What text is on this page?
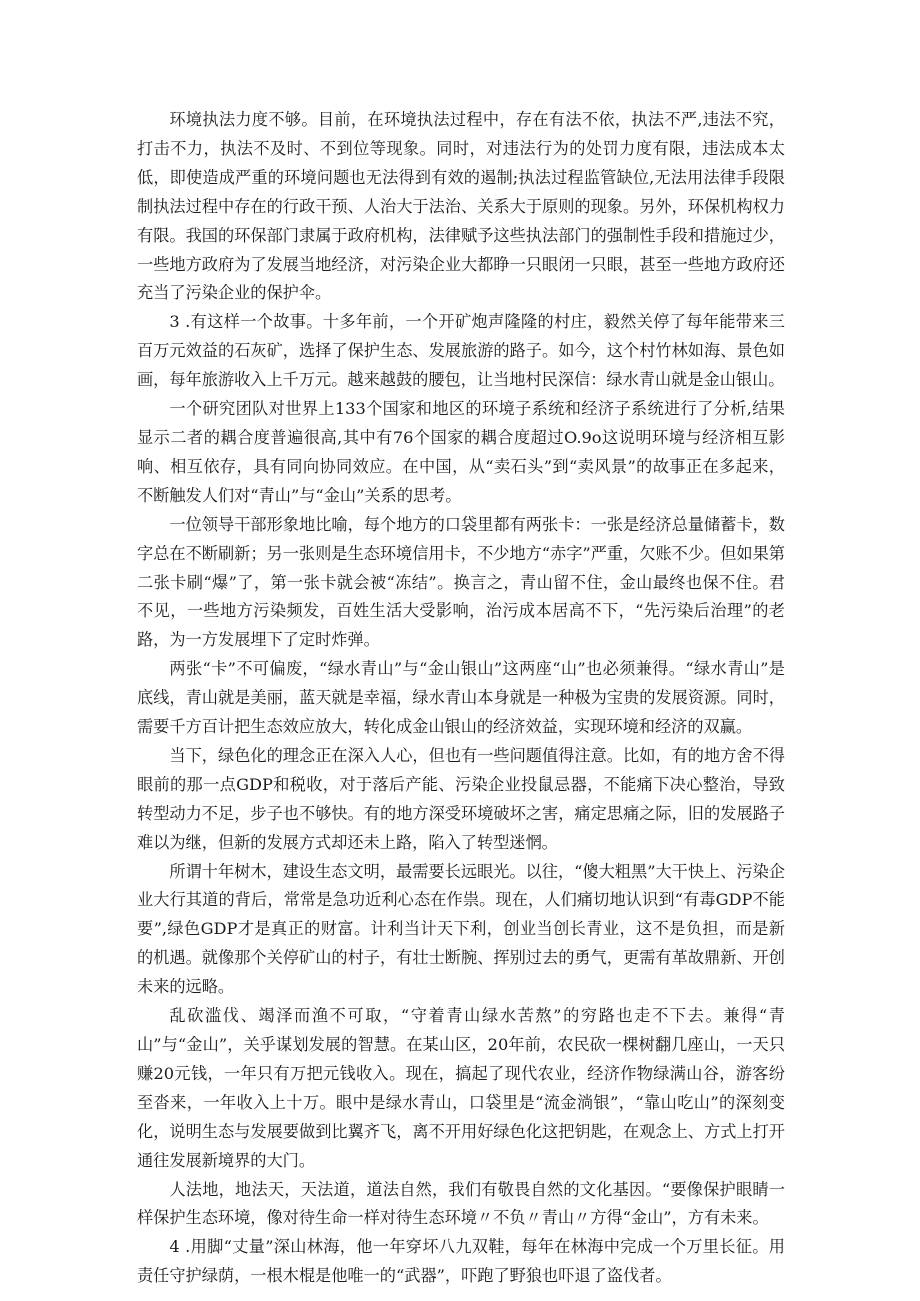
环境执法力度不够。目前，在环境执法过程中，存在有法不依，执法不严,违法不究，打击不力，执法不及时、不到位等现象。同时，对违法行为的处罚力度有限，违法成本太低，即使造成严重的环境问题也无法得到有效的遏制;执法过程监管缺位,无法用法律手段限制执法过程中存在的行政干预、人治大于法治、关系大于原则的现象。另外，环保机构权力有限。我国的环保部门隶属于政府机构，法律赋予这些执法部门的强制性手段和措施过少，一些地方政府为了发展当地经济，对污染企业大都睁一只眼闭一只眼，甚至一些地方政府还充当了污染企业的保护伞。

3 .有这样一个故事。十多年前，一个开矿炮声隆隆的村庄，毅然关停了每年能带来三百万元效益的石灰矿，选择了保护生态、发展旅游的路子。如今，这个村竹林如海、景色如画，每年旅游收入上千万元。越来越鼓的腰包，让当地村民深信：绿水青山就是金山银山。

一个研究团队对世界上133个国家和地区的环境子系统和经济子系统进行了分析,结果显示二者的耦合度普遍很高,其中有76个国家的耦合度超过O.9o这说明环境与经济相互影响、相互依存，具有同向协同效应。在中国，从“卖石头”到“卖风景”的故事正在多起来，不断触发人们对“青山”与“金山”关系的思考。

一位领导干部形象地比喻，每个地方的口袋里都有两张卡：一张是经济总量储蓄卡，数字总在不断刷新；另一张则是生态环境信用卡，不少地方“赤字”严重，欠账不少。但如果第二张卡刷“爆”了，第一张卡就会被“冻结”。换言之，青山留不住，金山最终也保不住。君不见，一些地方污染频发，百姓生活大受影响，治污成本居高不下，“先污染后治理”的老路，为一方发展埋下了定时炸弹。

两张“卡”不可偏废，“绿水青山”与“金山银山”这两座“山”也必须兼得。“绿水青山”是底线，青山就是美丽，蓝天就是幸福，绿水青山本身就是一种极为宝贵的发展资源。同时，需要千方百计把生态效应放大，转化成金山银山的经济效益，实现环境和经济的双赢。

当下，绿色化的理念正在深入人心，但也有一些问题值得注意。比如，有的地方舍不得眼前的那一点GDP和税收，对于落后产能、污染企业投鼠忌器，不能痛下决心整治，导致转型动力不足，步子也不够快。有的地方深受环境破坏之害，痛定思痛之际，旧的发展路子难以为继，但新的发展方式却还未上路，陷入了转型迷惘。

所谓十年树木，建设生态文明，最需要长远眼光。以往，“傻大粗黑”大干快上、污染企业大行其道的背后，常常是急功近利心态在作祟。现在，人们痛切地认识到“有毒GDP不能要”,绿色GDP才是真正的财富。计利当计天下利，创业当创长青业，这不是负担，而是新的机遇。就像那个关停矿山的村子，有壮士断腕、挥别过去的勇气，更需有革故鼎新、开创未来的远略。

乱砍滥伐、竭泽而渔不可取，“守着青山绿水苦熬”的穷路也走不下去。兼得“青山”与“金山”，关乎谋划发展的智慧。在某山区，20年前，农民砍一棵树翻几座山，一天只赚20元钱，一年只有万把元钱收入。现在，搞起了现代农业，经济作物绿满山谷，游客纷至沓来，一年收入上十万。眼中是绿水青山，口袋里是“流金淌银”，“靠山吃山”的深刻变化，说明生态与发展要做到比翼齐飞，离不开用好绿色化这把钥匙，在观念上、方式上打开通往发展新境界的大门。

人法地，地法天，天法道，道法自然，我们有敬畏自然的文化基因。“要像保护眼睛一样保护生态环境，像对待生命一样对待生态环境〃不负〃青山〃方得“金山”，方有未来。

4 .用脚“丈量”深山林海，他一年穿坏八九双鞋，每年在林海中完成一个万里长征。用责任守护绿荫，一根木棍是他唯一的“武器”，吓跑了野狼也吓退了盗伐者。
